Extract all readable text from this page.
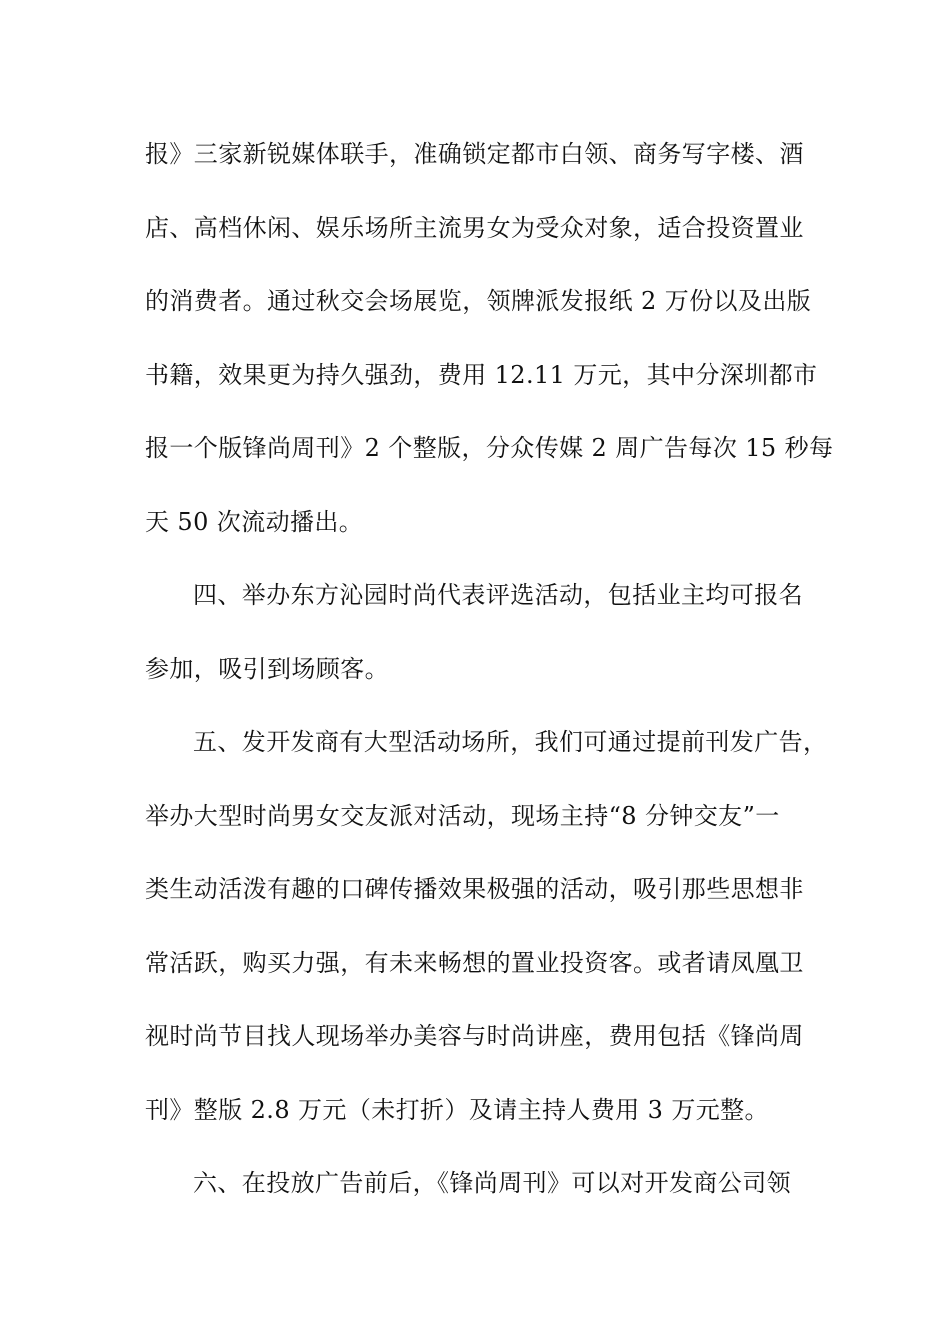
报》三家新锐媒体联手，准确锁定都市白领、商务写字楼、酒
店、高档休闲、娱乐场所主流男女为受众对象，适合投资置业
的消费者。通过秋交会场展览，领牌派发报纸 2 万份以及出版
书籍，效果更为持久强劲，费用 12.11 万元，其中分深圳都市
报一个版锋尚周刊》2 个整版，分众传媒 2 周广告每次 15 秒每
天 50 次流动播出。
四、举办东方沁园时尚代表评选活动，包括业主均可报名
参加，吸引到场顾客。
五、发开发商有大型活动场所，我们可通过提前刊发广告，
举办大型时尚男女交友派对活动，现场主持“8 分钟交友”一
类生动活泼有趣的口碑传播效果极强的活动，吸引那些思想非
常活跃，购买力强，有未来畅想的置业投资客。或者请凤凰卫
视时尚节目找人现场举办美容与时尚讲座，费用包括《锋尚周
刊》整版 2.8 万元（未打折）及请主持人费用 3 万元整。
六、在投放广告前后，《锋尚周刊》可以对开发商公司领
